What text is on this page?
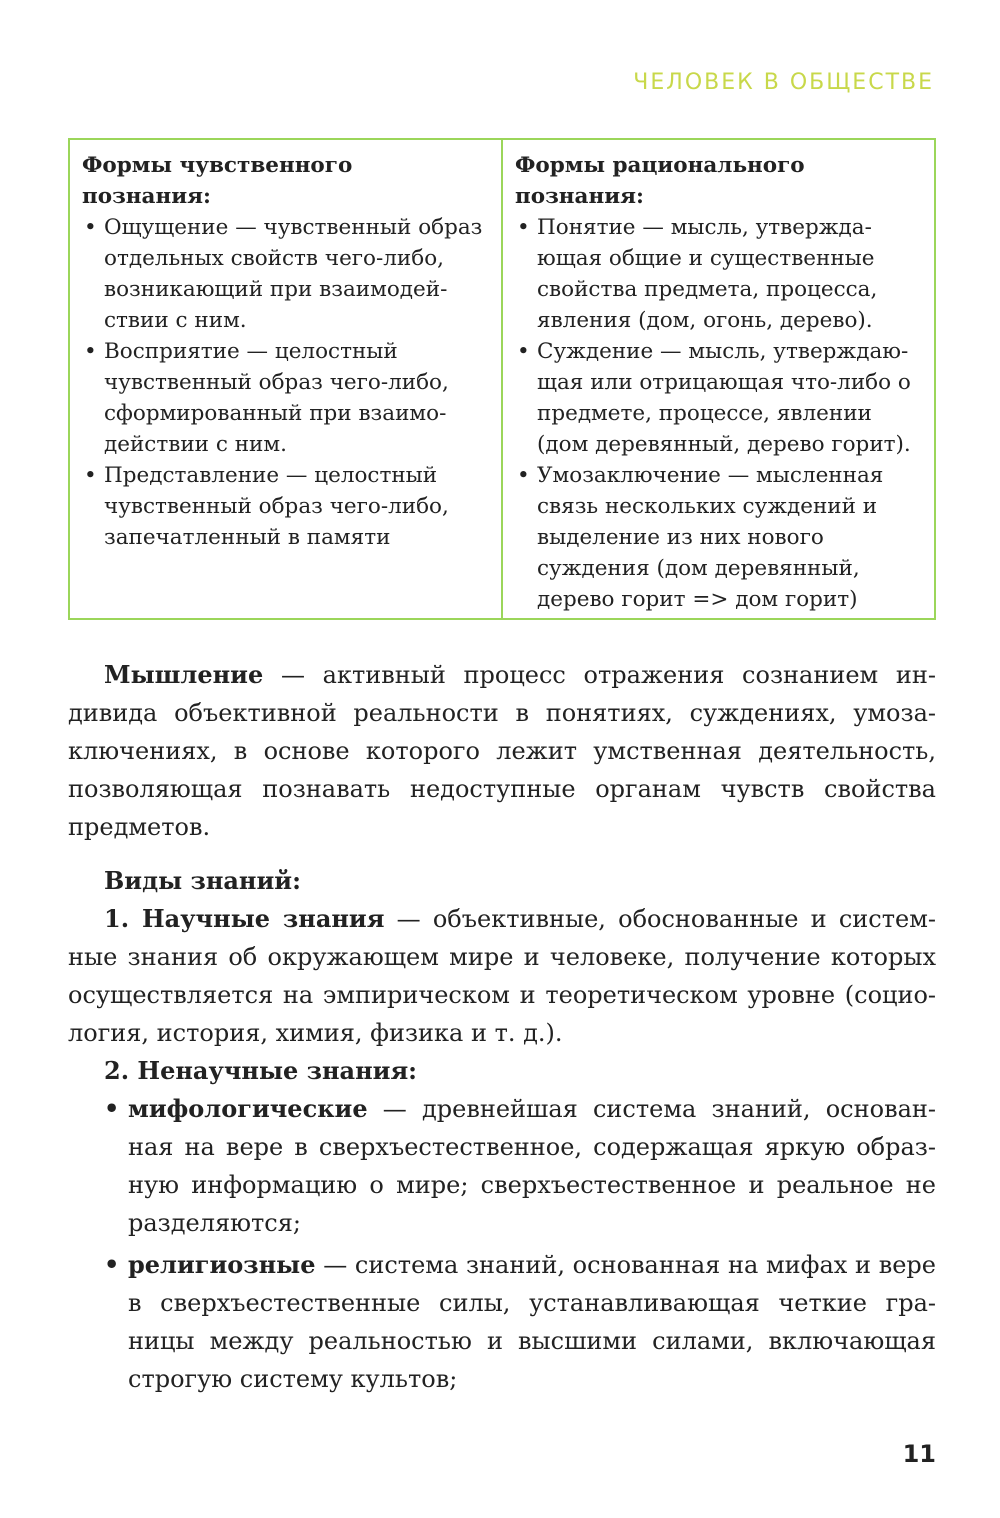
ЧЕЛОВЕК В ОБЩЕСТВЕ
Формы чувственного познания:
• Ощущение — чувственный образ отдельных свойств чего-либо, возникающий при взаимодей-ствии с ним.
• Восприятие — целостный чувственный образ чего-либо, сформированный при взаимо-действии с ним.
• Представление — целостный чувственный образ чего-либо, запечатленный в памяти
Формы рационального познания:
• Понятие — мысль, утвержда-ющая общие и существенные свойства предмета, процесса, явления (дом, огонь, дерево).
• Суждение — мысль, утверждаю-щая или отрицающая что-либо о предмете, процессе, явлении (дом деревянный, дерево горит).
• Умозаключение — мысленная связь нескольких суждений и выделение из них нового суждения (дом деревянный, дерево горит => дом горит)

Мышление — активный процесс отражения сознанием ин-дивида объективной реальности в понятиях, суждениях, умоза-ключениях, в основе которого лежит умственная деятельность, позволяющая познавать недоступные органам чувств свойства предметов.

Виды знаний:

1. Научные знания — объективные, обоснованные и систем-ные знания об окружающем мире и человеке, получение которых осуществляется на эмпирическом и теоретическом уровне (социо-логия, история, химия, физика и т. д.).

2. Ненаучные знания:

• мифологические — древнейшая система знаний, основан-ная на вере в сверхъестественное, содержащая яркую образ-ную информацию о мире; сверхъестественное и реальное не разделяются;
• религиозные — система знаний, основанная на мифах и вере в сверхъестественные силы, устанавливающая четкие гра-ницы между реальностью и высшими силами, включающая строгую систему культов;
11
